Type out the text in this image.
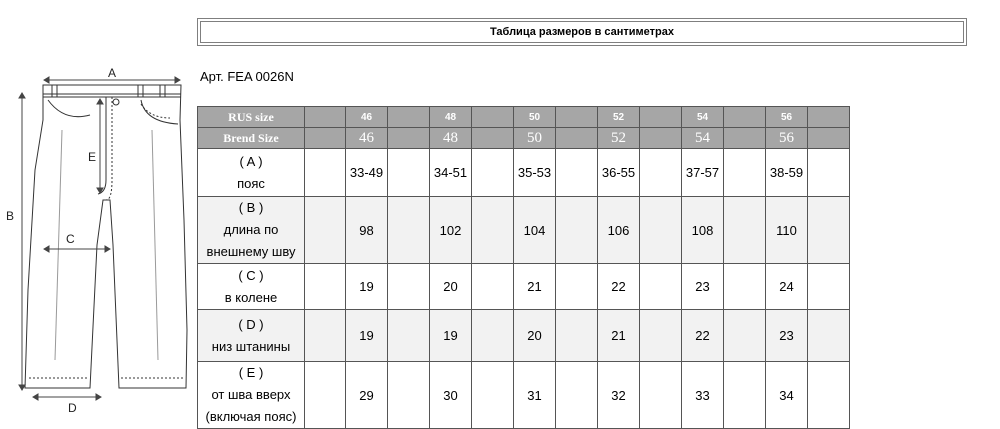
Таблица размеров в сантиметрах
Арт. FEA 0026N
A
B
C
D
E
RUS size		46		48		50		52		54		56	
Brend Size		46		48		50		52		54		56	

( A )
пояс		33-49		34-51		35-53		36-55		37-57		38-59	

( B )
длина по
внешнему шву		98		102		104		106		108		110	

( C )
в колене		19		20		21		22		23		24	

( D )
низ штанины		19		19		20		21		22		23	

( E )
от шва вверх
(включая пояс)		29		30		31		32		33		34	
